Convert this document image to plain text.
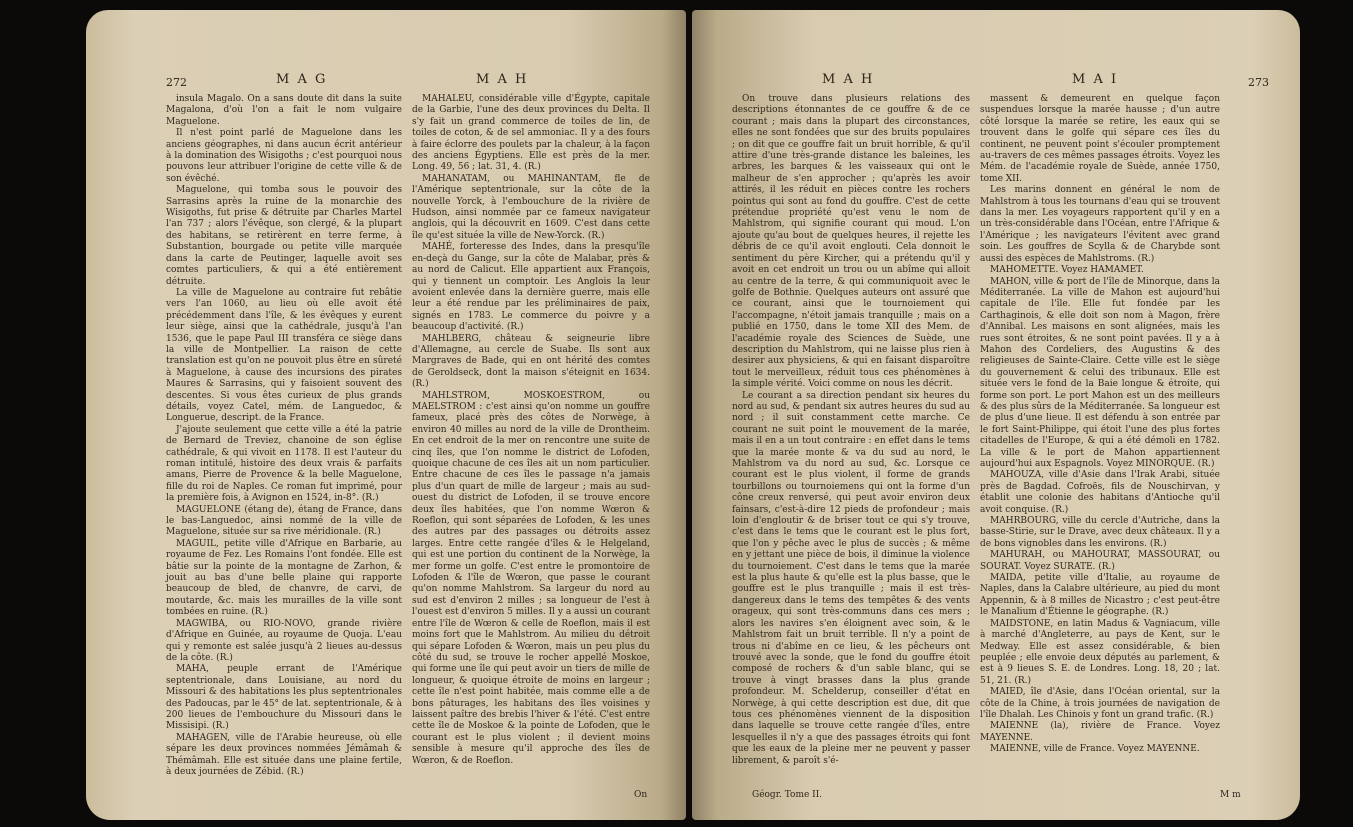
272	M A G	M A H

insula Magalo. On a sans doute dit dans la suite Magalona, d'où l'on a fait le nom vulgaire Maguelone.

Il n'est point parlé de Maguelone dans les anciens géographes, ni dans aucun écrit antérieur à la domination des Wisigoths ; c'est pourquoi nous pouvons leur attribuer l'origine de cette ville & de son évêché.

Maguelone, qui tomba sous le pouvoir des Sarrasins après la ruine de la monarchie des Wisigoths, fut prise & détruite par Charles Martel l'an 737 ; alors l'évêque, son clergé, & la plupart des habitans, se retirèrent en terre ferme, à Substantion, bourgade ou petite ville marquée dans la carte de Peutinger, laquelle avoit ses comtes particuliers, & qui a été entièrement détruite.

La ville de Maguelone au contraire fut rebâtie vers l'an 1060, au lieu où elle avoit été précédemment dans l'île, & les évêques y eurent leur siège, ainsi que la cathédrale, jusqu'à l'an 1536, que le pape Paul III transféra ce siège dans la ville de Montpellier. La raison de cette translation est qu'on ne pouvoit plus être en sûreté à Maguelone, à cause des incursions des pirates Maures & Sarrasins, qui y faisoient souvent des descentes. Si vous êtes curieux de plus grands détails, voyez Catel, mém. de Languedoc, & Longuerue, descript. de la France.

J'ajoute seulement que cette ville a été la patrie de Bernard de Treviez, chanoine de son église cathédrale, & qui vivoit en 1178. Il est l'auteur du roman intitulé, histoire des deux vrais & parfaits amans, Pierre de Provence & la belle Maguelone, fille du roi de Naples. Ce roman fut imprimé, pour la première fois, à Avignon en 1524, in-8°. (R.)

MAGUELONE (étang de), étang de France, dans le bas-Languedoc, ainsi nommé de la ville de Maguelone, située sur sa rive méridionale. (R.)

MAGUIL, petite ville d'Afrique en Barbarie, au royaume de Fez. Les Romains l'ont fondée. Elle est bâtie sur la pointe de la montagne de Zarhon, & jouit au bas d'une belle plaine qui rapporte beaucoup de bled, de chanvre, de carvi, de moutarde, &c. mais les murailles de la ville sont tombées en ruine. (R.)

MAGWIBA, ou RIO-NOVO, grande rivière d'Afrique en Guinée, au royaume de Quoja. L'eau qui y remonte est salée jusqu'à 2 lieues au-dessus de la côte. (R.)

MAHA, peuple errant de l'Amérique septentrionale, dans Louisiane, au nord du Missouri & des habitations les plus septentrionales des Padoucas, par le 45° de lat. septentrionale, & à 200 lieues de l'embouchure du Missouri dans le Missisipi. (R.)

MAHAGEN, ville de l'Arabie heureuse, où elle sépare les deux provinces nommées Jémâmah & Thémâmah. Elle est située dans une plaine fertile, à deux journées de Zébid. (R.)

MAHALEU, considérable ville d'Égypte, capitale de la Garbie, l'une des deux provinces du Delta. Il s'y fait un grand commerce de toiles de lin, de toiles de coton, & de sel ammoniac. Il y a des fours à faire éclorre des poulets par la chaleur, à la façon des anciens Égyptiens. Elle est près de la mer. Long. 49, 56 ; lat. 31, 4. (R.)

MAHANATAM, ou MAHINANTAM, fle de l'Amérique septentrionale, sur la côte de la nouvelle Yorck, à l'embouchure de la rivière de Hudson, ainsi nommée par ce fameux navigateur anglois, qui la découvrit en 1609. C'est dans cette île qu'est située la ville de New-Yorck. (R.)

MAHÉ, forteresse des Indes, dans la presqu'île en-deçà du Gange, sur la côte de Malabar, près & au nord de Calicut. Elle appartient aux François, qui y tiennent un comptoir. Les Anglois la leur avoient enlevée dans la dernière guerre, mais elle leur a été rendue par les préliminaires de paix, signés en 1783. Le commerce du poivre y a beaucoup d'activité. (R.)

MAHLBERG, château & seigneurie libre d'Allemagne, au cercle de Suabe. Ils sont aux Margraves de Bade, qui en ont hérité des comtes de Geroldseck, dont la maison s'éteignit en 1634. (R.)

MAHLSTROM, MOSKOESTROM, ou MAELSTROM : c'est ainsi qu'on nomme un gouffre fameux, placé près des côtes de Norwège, à environ 40 milles au nord de la ville de Drontheim. En cet endroit de la mer on rencontre une suite de cinq îles, que l'on nomme le district de Lofoden, quoique chacune de ces îles ait un nom particulier. Entre chacune de ces îles le passage n'a jamais plus d'un quart de mille de largeur ; mais au sud-ouest du district de Lofoden, il se trouve encore deux îles habitées, que l'on nomme Wœron & Roeflon, qui sont séparées de Lofoden, & les unes des autres par des passages ou détroits assez larges. Entre cette rangée d'îles & le Helgeland, qui est une portion du continent de la Norwège, la mer forme un golfe. C'est entre le promontoire de Lofoden & l'île de Wœron, que passe le courant qu'on nomme Mahlstrom. Sa largeur du nord au sud est d'environ 2 milles ; sa longueur de l'est à l'ouest est d'environ 5 milles. Il y a aussi un courant entre l'île de Wœron & celle de Roeflon, mais il est moins fort que le Mahlstrom. Au milieu du détroit qui sépare Lofoden & Wœron, mais un peu plus du côté du sud, se trouve le rocher appellé Moskoe, qui forme une île qui peut avoir un tiers de mille de longueur, & quoique étroite de moins en largeur ; cette île n'est point habitée, mais comme elle a de bons pâturages, les habitans des îles voisines y laissent paître des brebis l'hiver & l'été. C'est entre cette île de Moskoe & la pointe de Lofoden, que le courant est le plus violent ; il devient moins sensible à mesure qu'il approche des îles de Wœron, & de Roeflon.

On
M A H	M A I	273

On trouve dans plusieurs relations des descriptions étonnantes de ce gouffre & de ce courant ; mais dans la plupart des circonstances, elles ne sont fondées que sur des bruits populaires ; on dit que ce gouffre fait un bruit horrible, & qu'il attire d'une très-grande distance les baleines, les arbres, les barques & les vaisseaux qui ont le malheur de s'en approcher ; qu'après les avoir attirés, il les réduit en pièces contre les rochers pointus qui sont au fond du gouffre. C'est de cette prétendue propriété qu'est venu le nom de Mahlstrom, qui signifie courant qui moud. L'on ajoute qu'au bout de quelques heures, il rejette les débris de ce qu'il avoit englouti. Cela donnoit le sentiment du père Kircher, qui a prétendu qu'il y avoit en cet endroit un trou ou un abîme qui alloit au centre de la terre, & qui communiquoit avec le golfe de Bothnie. Quelques auteurs ont assuré que ce courant, ainsi que le tournoiement qui l'accompagne, n'étoit jamais tranquille ; mais on a publié en 1750, dans le tome XII des Mem. de l'académie royale des Sciences de Suède, une description du Mahlstrom, qui ne laisse plus rien à desirer aux physiciens, & qui en faisant disparoître tout le merveilleux, réduit tous ces phénomènes à la simple vérité. Voici comme on nous les décrit.

Le courant a sa direction pendant six heures du nord au sud, & pendant six autres heures du sud au nord ; il suit constamment cette marche. Ce courant ne suit point le mouvement de la marée, mais il en a un tout contraire : en effet dans le tems que la marée monte & va du sud au nord, le Mahlstrom va du nord au sud, &c. Lorsque ce courant est le plus violent, il forme de grands tourbillons ou tournoiemens qui ont la forme d'un cône creux renversé, qui peut avoir environ deux fainsars, c'est-à-dire 12 pieds de profondeur ; mais loin d'engloutir & de briser tout ce qui s'y trouve, c'est dans le tems que le courant est le plus fort, que l'on y pêche avec le plus de succès ; & même en y jettant une pièce de bois, il diminue la violence du tournoiement. C'est dans le tems que la marée est la plus haute & qu'elle est la plus basse, que le gouffre est le plus tranquille ; mais il est très-dangereux dans le tems des tempêtes & des vents orageux, qui sont très-communs dans ces mers ; alors les navires s'en éloignent avec soin, & le Mahlstrom fait un bruit terrible. Il n'y a point de trous ni d'abîme en ce lieu, & les pêcheurs ont trouvé avec la sonde, que le fond du gouffre étoit composé de rochers & d'un sable blanc, qui se trouve à vingt brasses dans la plus grande profondeur. M. Schelderup, conseiller d'état en Norwège, à qui cette description est due, dit que tous ces phénomènes viennent de la disposition dans laquelle se trouve cette rangée d'îles, entre lesquelles il n'y a que des passages étroits qui font que les eaux de la pleine mer ne peuvent y passer librement, & paroît s'é-

massent & demeurent en quelque façon suspendues lorsque la marée hausse ; d'un autre côté lorsque la marée se retire, les eaux qui se trouvent dans le golfe qui sépare ces îles du continent, ne peuvent point s'écouler promptement au-travers de ces mêmes passages étroits. Voyez les Mém. de l'académie royale de Suède, année 1750, tome XII.

Les marins donnent en général le nom de Mahlstrom à tous les tournans d'eau qui se trouvent dans la mer. Les voyageurs rapportent qu'il y en a un très-considérable dans l'Océan, entre l'Afrique & l'Amérique ; les navigateurs l'évitent avec grand soin. Les gouffres de Scylla & de Charybde sont aussi des espèces de Mahlstroms. (R.)

MAHOMETTE. Voyez HAMAMET.

MAHON, ville & port de l'île de Minorque, dans la Méditerranée. La ville de Mahon est aujourd'hui capitale de l'île. Elle fut fondée par les Carthaginois, & elle doit son nom à Magon, frère d'Annibal. Les maisons en sont alignées, mais les rues sont étroites, & ne sont point pavées. Il y a à Mahon des Cordeliers, des Augustins & des religieuses de Sainte-Claire. Cette ville est le siège du gouvernement & celui des tribunaux. Elle est située vers le fond de la Baie longue & étroite, qui forme son port. Le port Mahon est un des meilleurs & des plus sûrs de la Méditerranée. Sa longueur est de plus d'une lieue. Il est défendu à son entrée par le fort Saint-Philippe, qui étoit l'une des plus fortes citadelles de l'Europe, & qui a été démoli en 1782. La ville & le port de Mahon appartiennent aujourd'hui aux Espagnols. Voyez MINORQUE. (R.)

MAHOUZA, ville d'Asie dans l'Irak Arabi, située près de Bagdad. Cofroës, fils de Nouschirvan, y établit une colonie des habitans d'Antioche qu'il avoit conquise. (R.)

MAHRBOURG, ville du cercle d'Autriche, dans la basse-Stirie, sur le Drave, avec deux châteaux. Il y a de bons vignobles dans les environs. (R.)

MAHURAH, ou MAHOURAT, MASSOURAT, ou SOURAT. Voyez SURATE. (R.)

MAIDA, petite ville d'Italie, au royaume de Naples, dans la Calabre ultérieure, au pied du mont Appennin, & à 8 milles de Nicastro ; c'est peut-être le Manalium d'Étienne le géographe. (R.)

MAIDSTONE, en latin Madus & Vagniacum, ville à marché d'Angleterre, au pays de Kent, sur le Medway. Elle est assez considérable, & bien peuplée ; elle envoie deux députés au parlement, & est à 9 lieues S. E. de Londres. Long. 18, 20 ; lat. 51, 21. (R.)

MAIED, île d'Asie, dans l'Océan oriental, sur la côte de la Chine, à trois journées de navigation de l'île Dhalah. Les Chinois y font un grand trafic. (R.)

MAIENNE (la), rivière de France. Voyez MAYENNE.

MAIENNE, ville de France. Voyez MAYENNE.

Géogr. Tome II.	M m
